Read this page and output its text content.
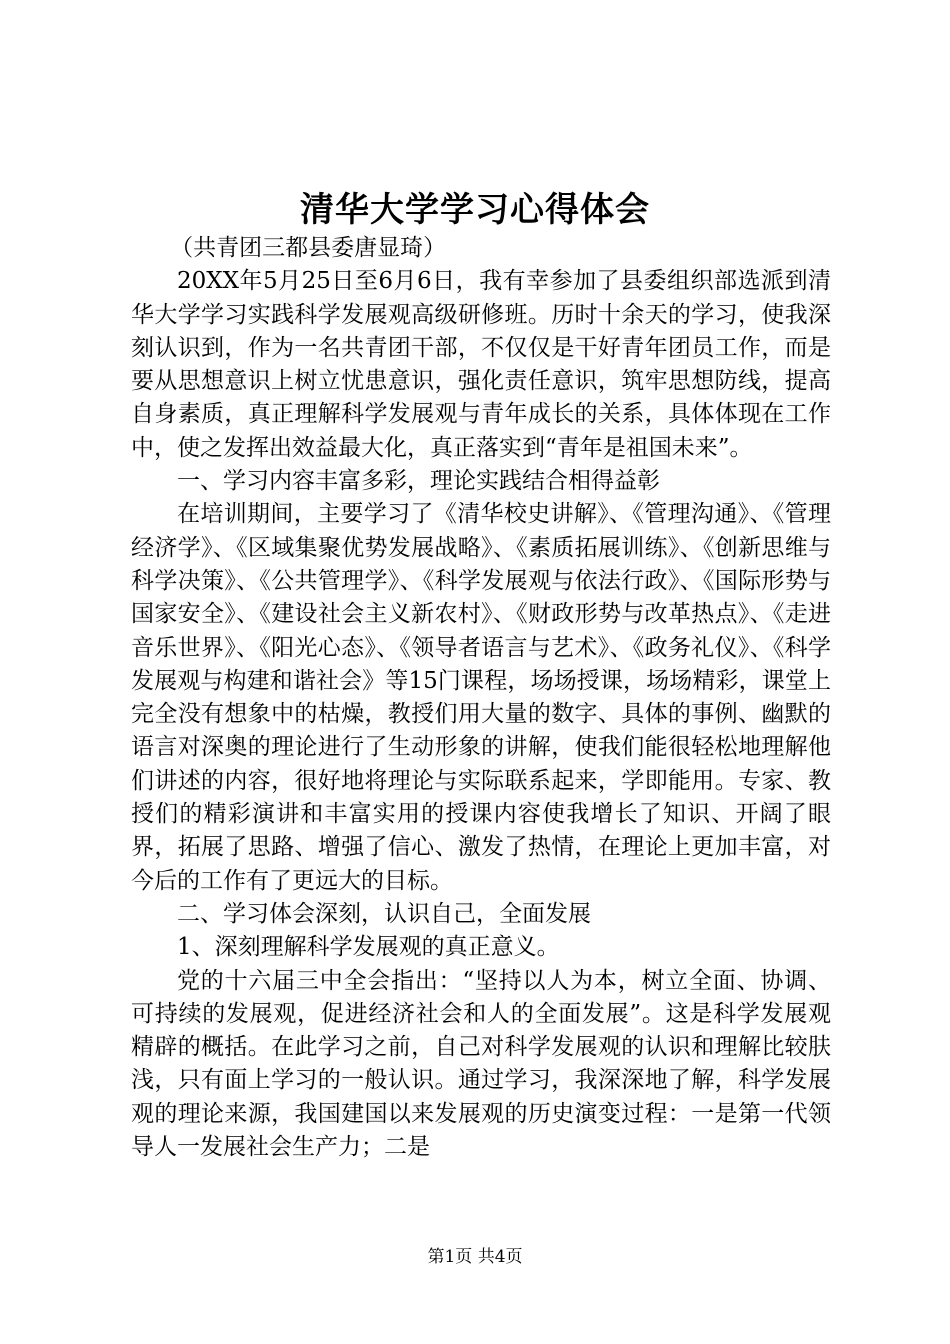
清华大学学习心得体会

（共青团三都县委唐显琦）

20XX年5月25日至6月6日，我有幸参加了县委组织部选派到清华大学学习实践科学发展观高级研修班。历时十余天的学习，使我深刻认识到，作为一名共青团干部，不仅仅是干好青年团员工作，而是要从思想意识上树立忧患意识，强化责任意识，筑牢思想防线，提高自身素质，真正理解科学发展观与青年成长的关系，具体体现在工作中，使之发挥出效益最大化，真正落实到“青年是祖国未来”。

一、学习内容丰富多彩，理论实践结合相得益彰

在培训期间，主要学习了《清华校史讲解》、《管理沟通》、《管理经济学》、《区域集聚优势发展战略》、《素质拓展训练》、《创新思维与科学决策》、《公共管理学》、《科学发展观与依法行政》、《国际形势与国家安全》、《建设社会主义新农村》、《财政形势与改革热点》、《走进音乐世界》、《阳光心态》、《领导者语言与艺术》、《政务礼仪》、《科学发展观与构建和谐社会》等15门课程，场场授课，场场精彩，课堂上完全没有想象中的枯燥，教授们用大量的数字、具体的事例、幽默的语言对深奥的理论进行了生动形象的讲解，使我们能很轻松地理解他们讲述的内容，很好地将理论与实际联系起来，学即能用。专家、教授们的精彩演讲和丰富实用的授课内容使我增长了知识、开阔了眼界，拓展了思路、增强了信心、激发了热情，在理论上更加丰富，对今后的工作有了更远大的目标。

二、学习体会深刻，认识自己，全面发展

1、深刻理解科学发展观的真正意义。

党的十六届三中全会指出：“坚持以人为本，树立全面、协调、可持续的发展观，促进经济社会和人的全面发展”。这是科学发展观精辟的概括。在此学习之前，自己对科学发展观的认识和理解比较肤浅，只有面上学习的一般认识。通过学习，我深深地了解，科学发展观的理论来源，我国建国以来发展观的历史演变过程：一是第一代领导人一发展社会生产力；二是

第1页 共4页
